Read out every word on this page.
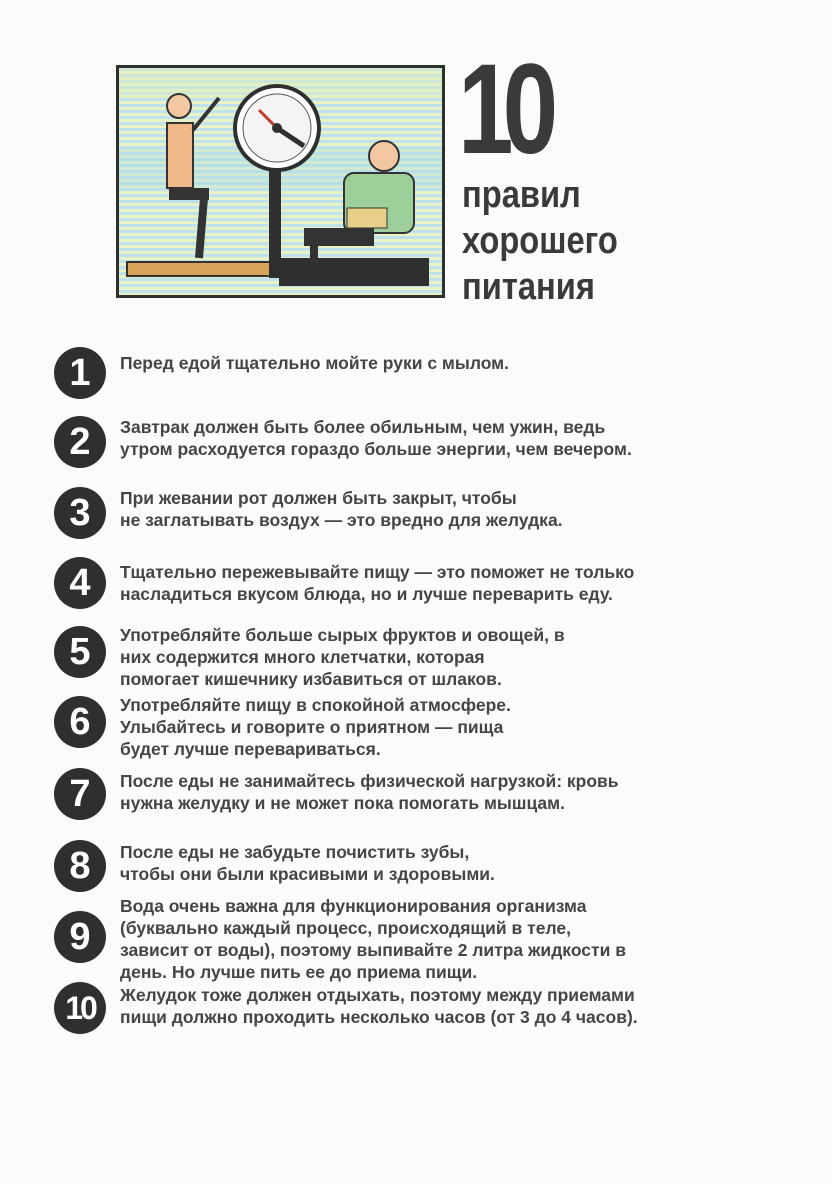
10
правил
хорошего
питания
1	Перед едой тщательно мойте руки с мылом.
2	Завтрак должен быть более обильным, чем ужин, ведь
утром расходуется гораздо больше энергии, чем вечером.
3	При жевании рот должен быть закрыт, чтобы
не заглатывать воздух — это вредно для желудка.
4	Тщательно пережевывайте пищу — это поможет не только
насладиться вкусом блюда, но и лучше переварить еду.
5	Употребляйте больше сырых фруктов и овощей, в
них содержится много клетчатки, которая
помогает кишечнику избавиться от шлаков.
6	Употребляйте пищу в спокойной атмосфере.
Улыбайтесь и говорите о приятном — пища
будет лучше перевариваться.
7	После еды не занимайтесь физической нагрузкой: кровь
нужна желудку и не может пока помогать мышцам.
8	После еды не забудьте почистить зубы,
чтобы они были красивыми и здоровыми.
9
Вода очень важна для функционирования организма
(буквально каждый процесс, происходящий в теле,
зависит от воды), поэтому выпивайте 2 литра жидкости в
день. Но лучше пить ее до приема пищи.
10	Желудок тоже должен отдыхать, поэтому между приемами
пищи должно проходить несколько часов (от 3 до 4 часов).
